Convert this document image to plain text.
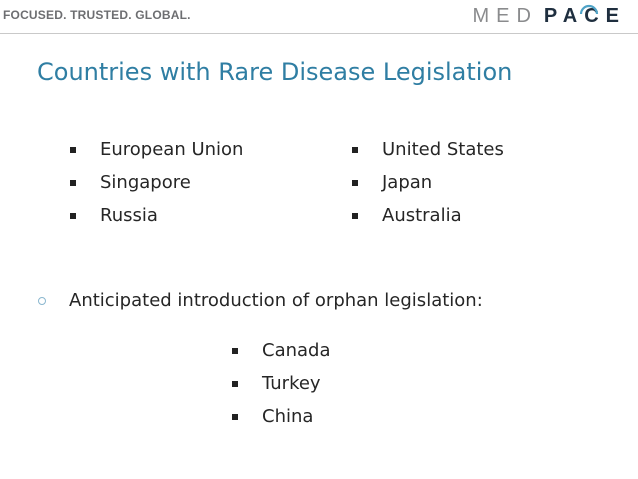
FOCUSED. TRUSTED. GLOBAL.	MED PACE
Countries with Rare Disease Legislation
European Union
Singapore
Russia
United States
Japan
Australia
Anticipated introduction of orphan legislation:
Canada
Turkey
China
